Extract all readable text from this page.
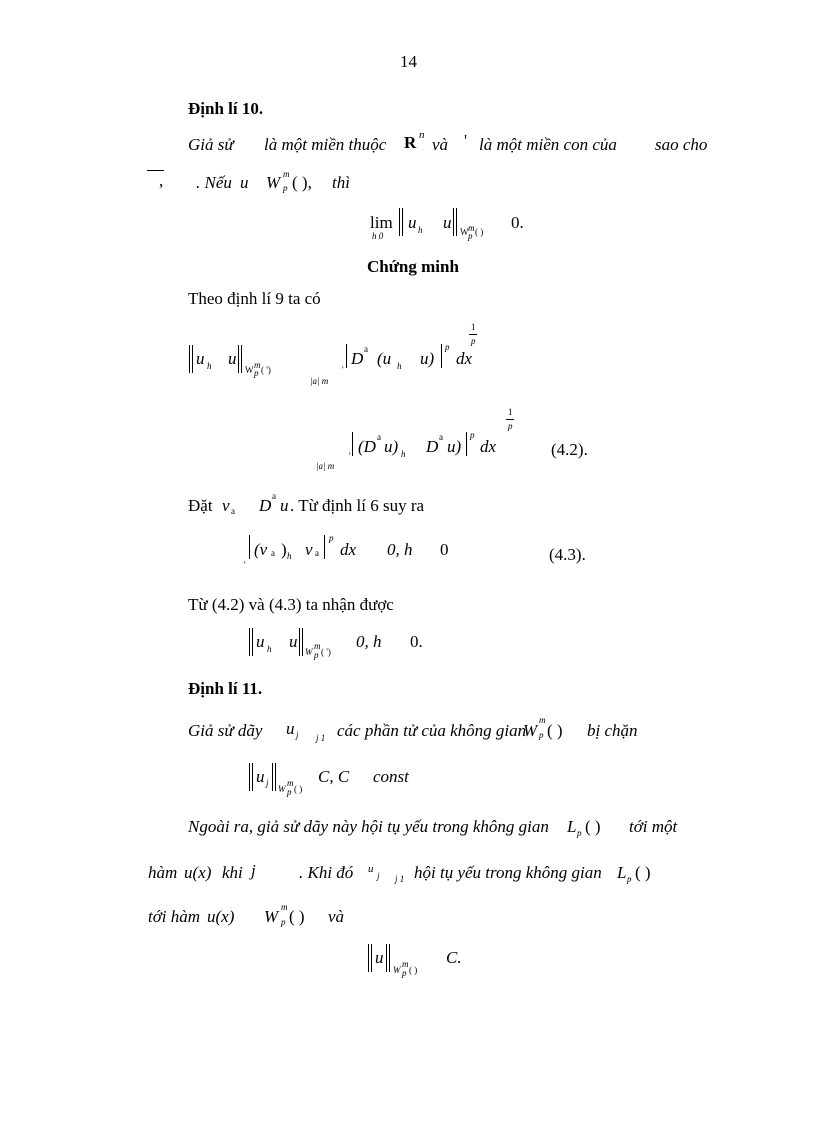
14
Định lí 10.
Giả sử là một miền thuộc R n và ' là một miền con của sao cho
, . Nếu u W m
p ( ), thì
lim
h 0
u h u W m
p ( ) 0.
Chứng minh
Theo định lí 9 ta có
u h u
W m
p ( ')
|a| m
'
D a (u h u)
p
dx
1
p
|a| m
' (D a u) h D a u)
p
dx
1
p
(4.2).
Đặt v a D a u . Từ định lí 6 suy ra
'
(v a ) h v a
p
dx 0, h 0	(4.3).
Từ (4.2) và (4.3) ta nhận được
u h u
W
m
p ( ')
0, h 0.
Định lí 11.
Giả sử dãy u j j 1 các phần tử của không gian
W
m
p ( ) bị chặn
u j
W
m
p ( )
C, C const
Ngoài ra, giả sử dãy này hội tụ yếu trong không gian L p ( ) tới một
hàm u(x) khi j	. Khi đó u
j j 1 hội tụ yếu trong không gian L p ( )
tới hàm u(x) W m
p ( ) và
u
W
m
p ( )
C.
